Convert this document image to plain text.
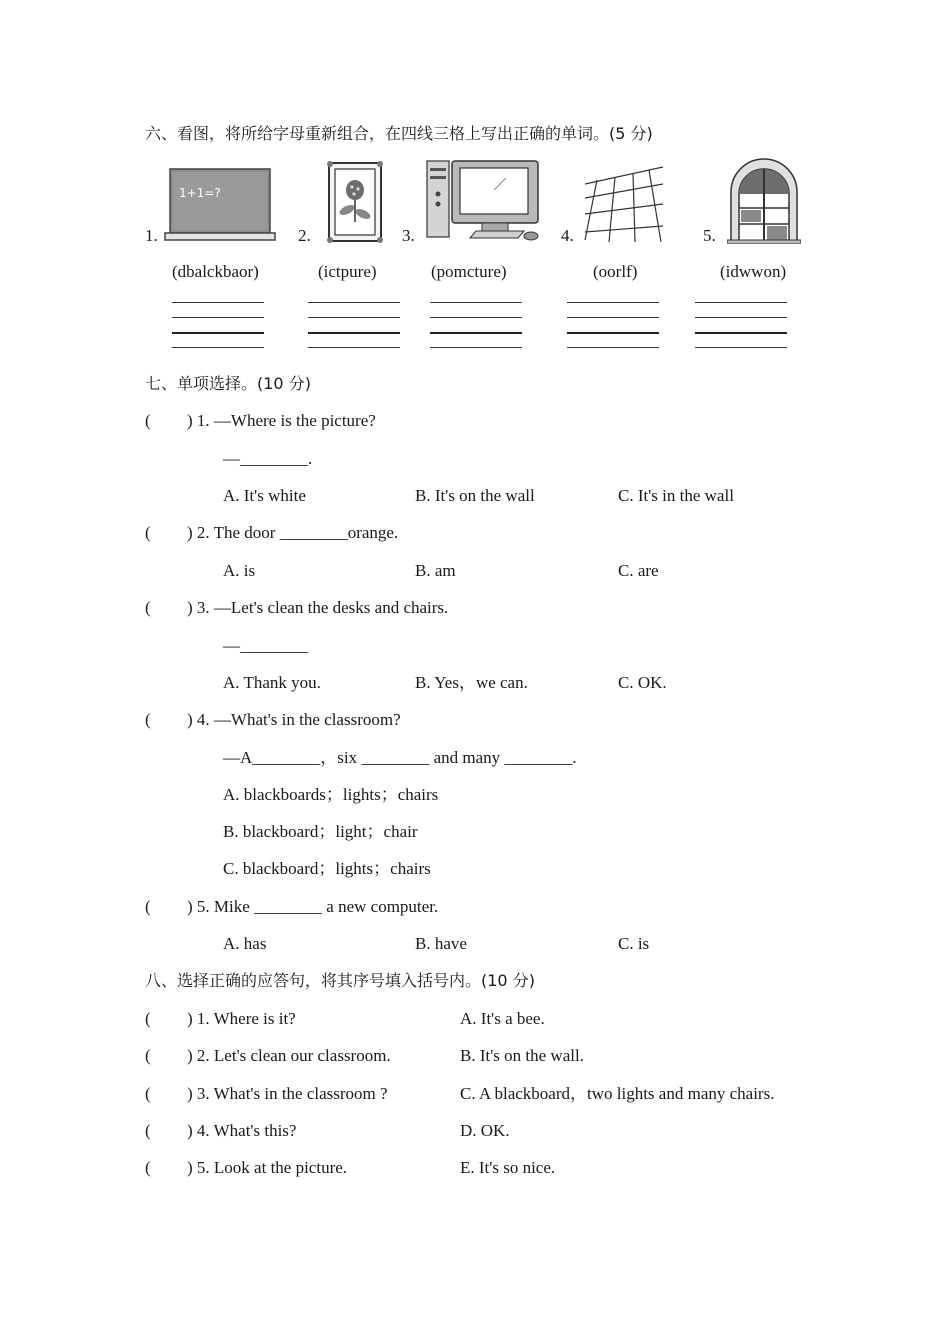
六、看图，将所给字母重新组合，在四线三格上写出正确的单词。(5 分)
1.
1+1=?
(dbalckbaor)
2.
(ictpure)
3.
(pomcture)
4.
(oorlf)
5.
(idwwon)
七、单项选择。(10 分)
( ) 1. —Where is the picture?
—________.
A. It's white	B. It's on the wall	C. It's in the wall
( ) 2. The door ________orange.
A. is	B. am	C. are
( ) 3. —Let's clean the desks and chairs.
—________
A. Thank you.	B. Yes，we can.	C. OK.
( ) 4. —What's in the classroom?
—A________，six ________ and many ________.
A. blackboards；lights；chairs
B. blackboard；light；chair
C. blackboard；lights；chairs
( ) 5. Mike ________ a new computer.
A. has	B. have	C. is
八、选择正确的应答句，将其序号填入括号内。(10 分)
( ) 1. Where is it?	A. It's a bee.
( ) 2. Let's clean our classroom.	B. It's on the wall.
( ) 3. What's in the classroom ?	C. A blackboard，two lights and many chairs.
( ) 4. What's this?	D. OK.
( ) 5. Look at the picture.	E. It's so nice.
